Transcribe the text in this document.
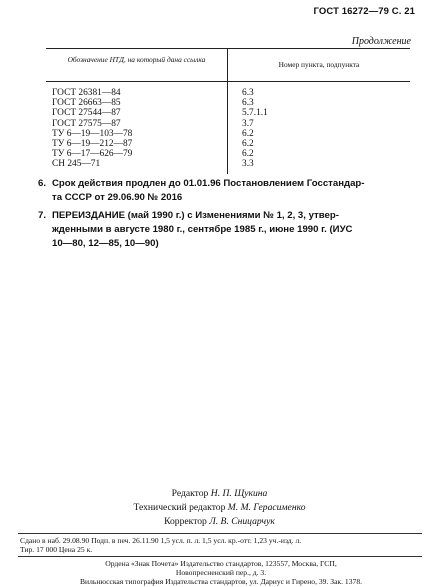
ГОСТ 16272—79 С. 21
Продолжение
Обозначение НТД, на который дана ссылка
Номер пункта, подпункта
ГОСТ 26381—84
ГОСТ 26663—85
ГОСТ 27544—87
ГОСТ 27575—87
ТУ 6—19—103—78
ТУ 6—19—212—87
ТУ 6—17—626—79
СН 245—71
6.3
6.3
5.7.1.1
3.7
6.2
6.2
6.2
3.3
6. Срок действия продлен до 01.01.96 Постановлением Госстандар-
та СССР от 29.06.90 № 2016
7. ПЕРЕИЗДАНИЕ (май 1990 г.) с Изменениями № 1, 2, 3, утвер-
жденными в августе 1980 г., сентябре 1985 г., июне 1990 г. (ИУС
10—80, 12—85, 10—90)
Редактор Н. П. Щукина
Технический редактор М. М. Герасименко
Корректор Л. В. Сницарчук
Сдано в наб. 29.08.90 Подп. в печ. 26.11.90 1,5 усл. п. л. 1,5 усл. кр.-отт. 1,23 уч.-изд. л.
Тир. 17 000 Цена 25 к.
Ордена «Знак Почета» Издательство стандартов, 123557, Москва, ГСП,
Новопресненский пер., д. 3.
Вильнюсская типография Издательства стандартов, ул. Дариус и Гирено, 39. Зак. 1378.
